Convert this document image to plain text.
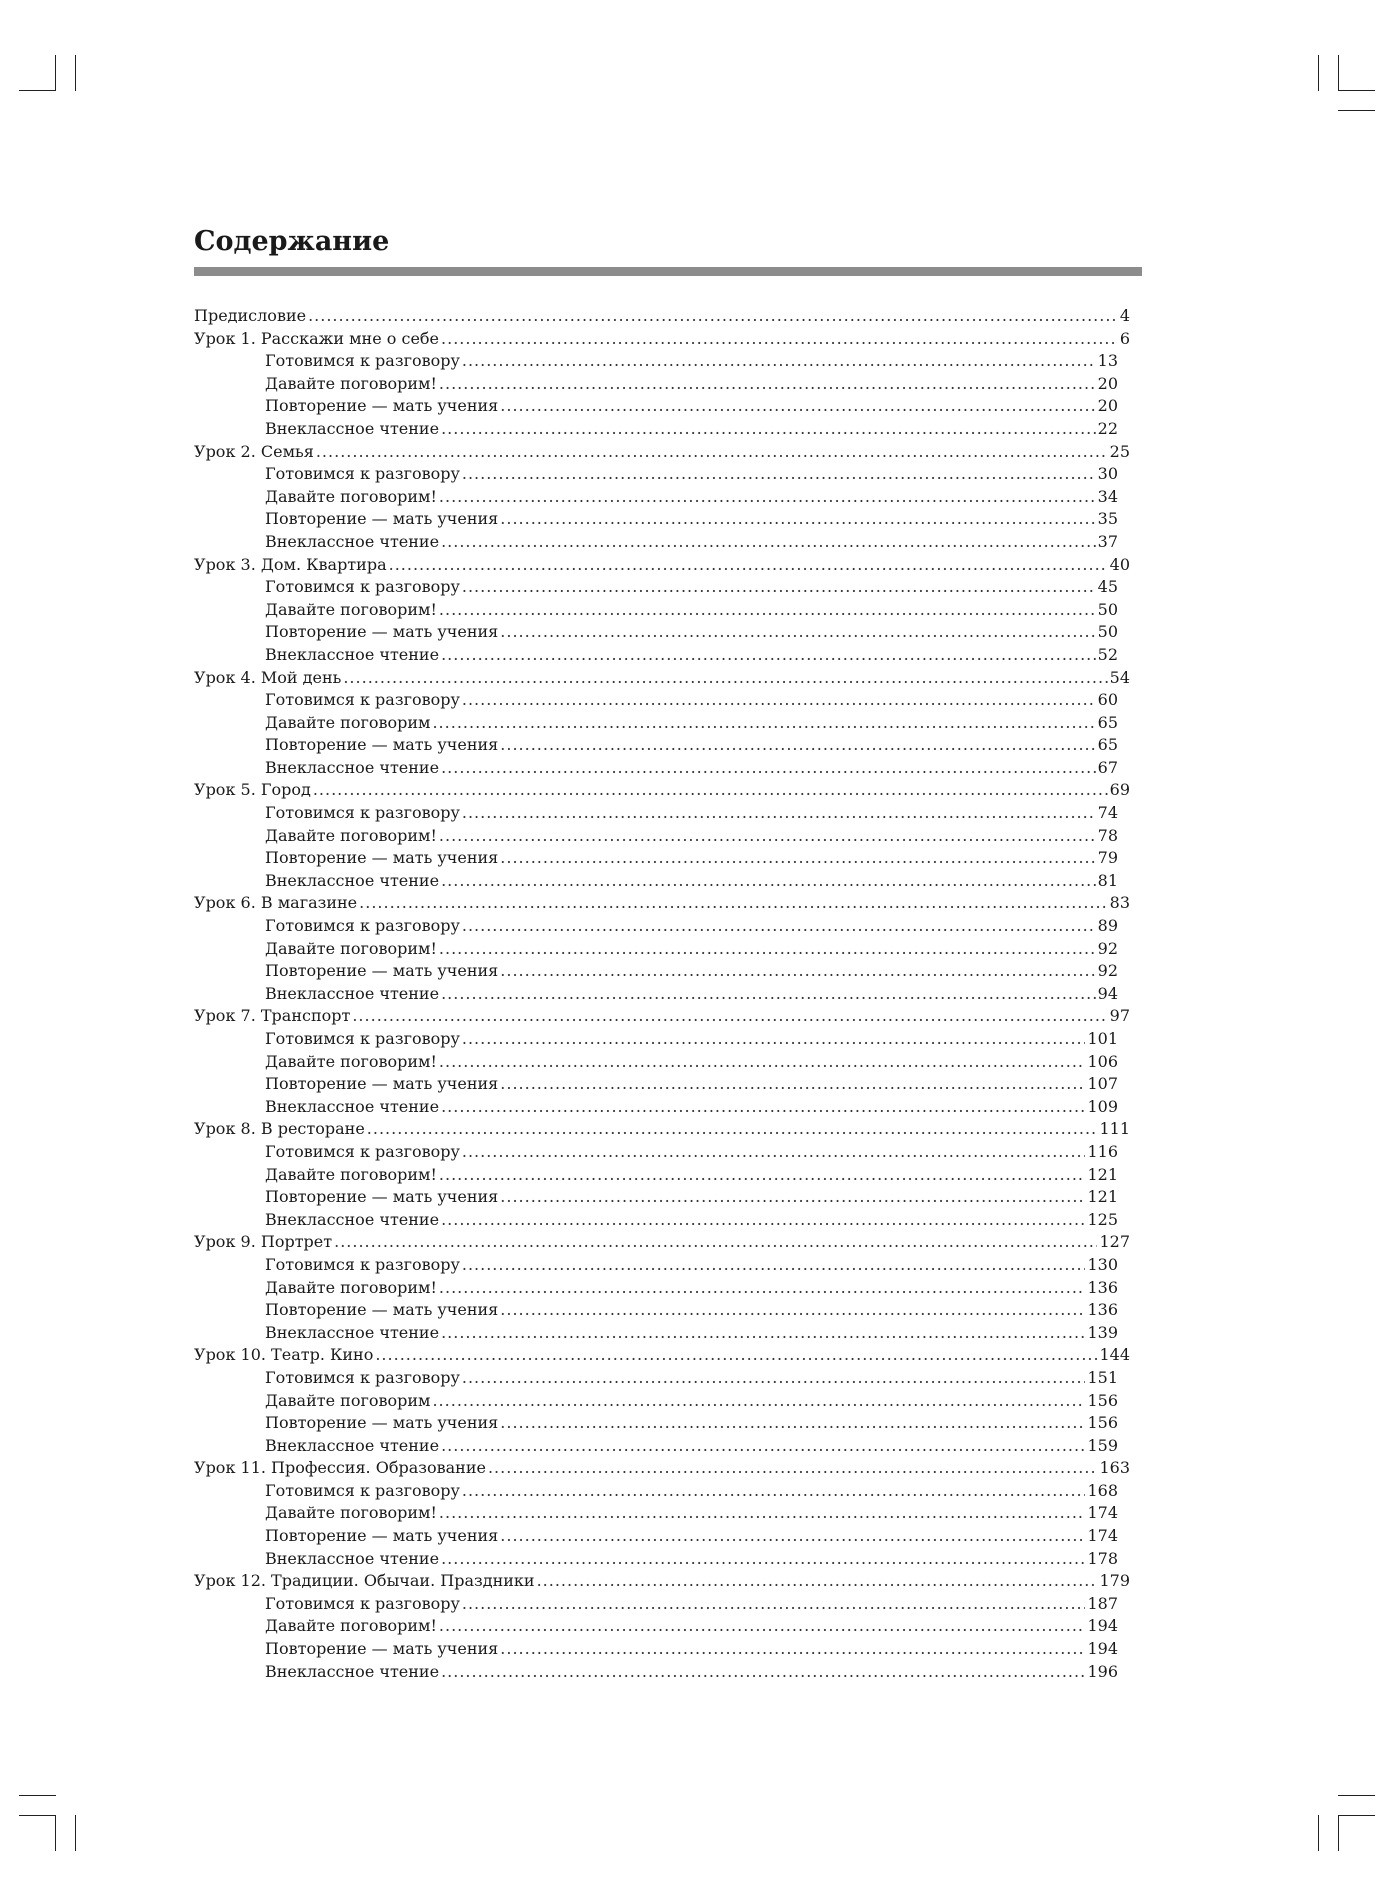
Содержание
Предисловие .....	4
Урок 1. Расскажи мне о себе .....	6
Готовимся к разговору .....	13
Давайте поговорим! .....	20
Повторение — мать учения .....	20
Внеклассное чтение .....	22
Урок 2. Семья .....	25
Готовимся к разговору .....	30
Давайте поговорим! .....	34
Повторение — мать учения .....	35
Внеклассное чтение .....	37
Урок 3. Дом. Квартира .....	40
Готовимся к разговору .....	45
Давайте поговорим! .....	50
Повторение — мать учения .....	50
Внеклассное чтение .....	52
Урок 4. Мой день .....	54
Готовимся к разговору .....	60
Давайте поговорим .....	65
Повторение — мать учения .....	65
Внеклассное чтение .....	67
Урок 5. Город .....	69
Готовимся к разговору .....	74
Давайте поговорим! .....	78
Повторение — мать учения .....	79
Внеклассное чтение .....	81
Урок 6. В магазине .....	83
Готовимся к разговору .....	89
Давайте поговорим! .....	92
Повторение — мать учения .....	92
Внеклассное чтение .....	94
Урок 7. Транспорт .....	97
Готовимся к разговору .....	101
Давайте поговорим! .....	106
Повторение — мать учения .....	107
Внеклассное чтение .....	109
Урок 8. В ресторане .....	111
Готовимся к разговору .....	116
Давайте поговорим! .....	121
Повторение — мать учения .....	121
Внеклассное чтение .....	125
Урок 9. Портрет .....	127
Готовимся к разговору .....	130
Давайте поговорим! .....	136
Повторение — мать учения .....	136
Внеклассное чтение .....	139
Урок 10. Театр. Кино .....	144
Готовимся к разговору .....	151
Давайте поговорим .....	156
Повторение — мать учения .....	156
Внеклассное чтение .....	159
Урок 11. Профессия. Образование .....	163
Готовимся к разговору .....	168
Давайте поговорим! .....	174
Повторение — мать учения .....	174
Внеклассное чтение .....	178
Урок 12. Традиции. Обычаи. Праздники .....	179
Готовимся к разговору .....	187
Давайте поговорим! .....	194
Повторение — мать учения .....	194
Внеклассное чтение .....	196
